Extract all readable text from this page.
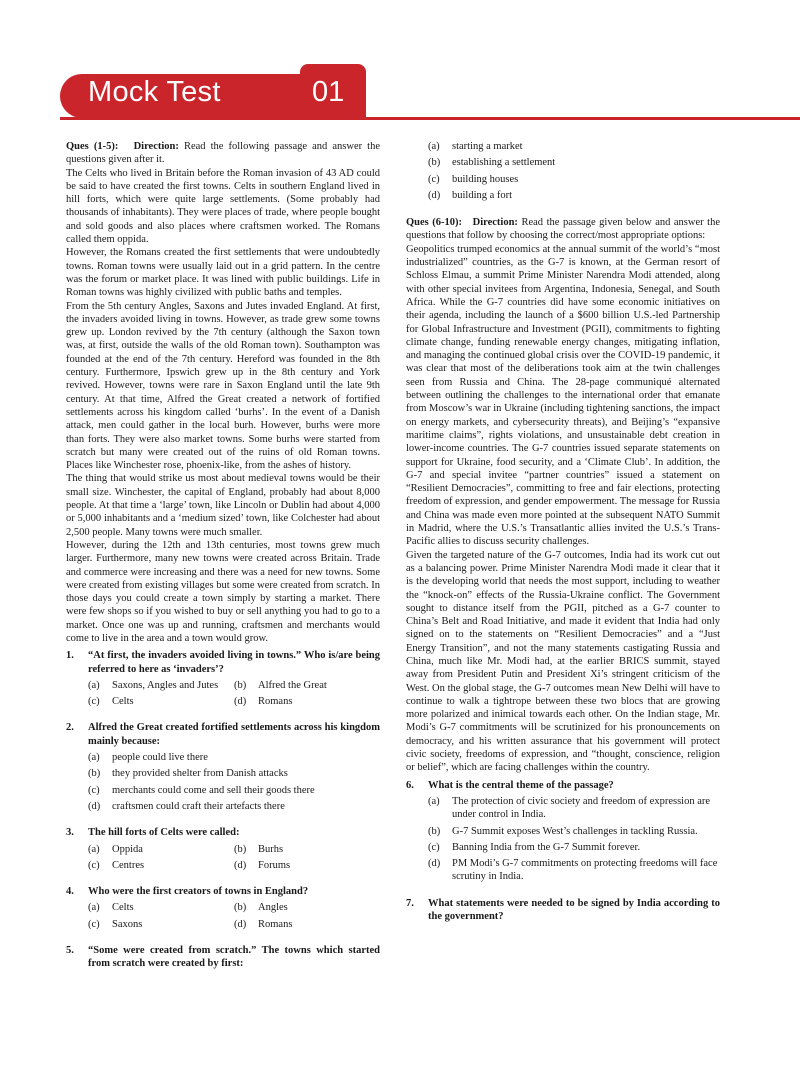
Mock Test	01

Ques (1-5): Direction: Read the following passage and answer the questions given after it.

The Celts who lived in Britain before the Roman invasion of 43 AD could be said to have created the first towns. Celts in southern England lived in hill forts, which were quite large settlements. (Some probably had thousands of inhabitants). They were places of trade, where people bought and sold goods and also places where craftsmen worked. The Romans called them oppida.

However, the Romans created the first settlements that were undoubtedly towns. Roman towns were usually laid out in a grid pattern. In the centre was the forum or market place. It was lined with public buildings. Life in Roman towns was highly civilized with public baths and temples.

From the 5th century Angles, Saxons and Jutes invaded England. At first, the invaders avoided living in towns. However, as trade grew some towns grew up. London revived by the 7th century (although the Saxon town was, at first, outside the walls of the old Roman town). Southampton was founded at the end of the 7th century. Hereford was founded in the 8th century. Furthermore, Ipswich grew up in the 8th century and York revived. However, towns were rare in Saxon England until the late 9th century. At that time, Alfred the Great created a network of fortified settlements across his kingdom called ‘burhs’. In the event of a Danish attack, men could gather in the local burh. However, burhs were more than forts. They were also market towns. Some burhs were started from scratch but many were created out of the ruins of old Roman towns. Places like Winchester rose, phoenix-like, from the ashes of history.

The thing that would strike us most about medieval towns would be their small size. Winchester, the capital of England, probably had about 8,000 people. At that time a ‘large’ town, like Lincoln or Dublin had about 4,000 or 5,000 inhabitants and a ‘medium sized’ town, like Colchester had about 2,500 people. Many towns were much smaller.

However, during the 12th and 13th centuries, most towns grew much larger. Furthermore, many new towns were created across Britain. Trade and commerce were increasing and there was a need for new towns. Some were created from existing villages but some were created from scratch. In those days you could create a town simply by starting a market. There were few shops so if you wished to buy or sell anything you had to go to a market. Once one was up and running, craftsmen and merchants would come to live in the area and a town would grow.

1.	“At first, the invaders avoided living in towns.” Who is/are being referred to here as ‘invaders’?
(a)	Saxons, Angles and Jutes	(b)	Alfred the Great
(c)	Celts	(d)	Romans
2.	Alfred the Great created fortified settlements across his kingdom mainly because:
(a)	people could live there
(b)	they provided shelter from Danish attacks
(c)	merchants could come and sell their goods there
(d)	craftsmen could craft their artefacts there
3.	The hill forts of Celts were called:
(a)	Oppida	(b)	Burhs
(c)	Centres	(d)	Forums
4.	Who were the first creators of towns in England?
(a)	Celts	(b)	Angles
(c)	Saxons	(d)	Romans
5.	“Some were created from scratch.” The towns which started from scratch were created by first:
(a)	starting a market
(b)	establishing a settlement
(c)	building houses
(d)	building a fort

Ques (6-10): Direction: Read the passage given below and answer the questions that follow by choosing the correct/most appropriate options:

Geopolitics trumped economics at the annual summit of the world’s “most industrialized” countries, as the G-7 is known, at the German resort of Schloss Elmau, a summit Prime Minister Narendra Modi attended, along with other special invitees from Argentina, Indonesia, Senegal, and South Africa. While the G-7 countries did have some economic initiatives on their agenda, including the launch of a $600 billion U.S.-led Partnership for Global Infrastructure and Investment (PGII), commitments to fighting climate change, funding renewable energy changes, mitigating inflation, and managing the continued global crisis over the COVID-19 pandemic, it was clear that most of the deliberations took aim at the twin challenges seen from Russia and China. The 28-page communiqué alternated between outlining the challenges to the international order that emanate from Moscow’s war in Ukraine (including tightening sanctions, the impact on energy markets, and cybersecurity threats), and Beijing’s “expansive maritime claims”, rights violations, and unsustainable debt creation in lower-income countries. The G-7 countries issued separate statements on support for Ukraine, food security, and a ‘Climate Club’. In addition, the G-7 and special invitee “partner countries” issued a statement on “Resilient Democracies”, committing to free and fair elections, protecting freedom of expression, and gender empowerment. The message for Russia and China was made even more pointed at the subsequent NATO Summit in Madrid, where the U.S.’s Transatlantic allies invited the U.S.’s Trans-Pacific allies to discuss security challenges.

Given the targeted nature of the G-7 outcomes, India had its work cut out as a balancing power. Prime Minister Narendra Modi made it clear that it is the developing world that needs the most support, including to weather the “knock-on” effects of the Russia-Ukraine conflict. The Government sought to distance itself from the PGII, pitched as a G-7 counter to China’s Belt and Road Initiative, and made it evident that India had only signed on to the statements on “Resilient Democracies” and a “Just Energy Transition”, and not the many statements castigating Russia and China, much like Mr. Modi had, at the earlier BRICS summit, stayed away from President Putin and President Xi’s stringent criticism of the West. On the global stage, the G-7 outcomes mean New Delhi will have to continue to walk a tightrope between these two blocs that are growing more polarized and inimical towards each other. On the Indian stage, Mr. Modi’s G-7 commitments will be scrutinized for his pronouncements on democracy, and his written assurance that his government will protect civic society, freedoms of expression, and “thought, conscience, religion or belief”, which are facing challenges within the country.

6.	What is the central theme of the passage?
(a)	The protection of civic society and freedom of expression are under control in India.
(b)	G-7 Summit exposes West’s challenges in tackling Russia.
(c)	Banning India from the G-7 Summit forever.
(d)	PM Modi’s G-7 commitments on protecting freedoms will face scrutiny in India.
7.	What statements were needed to be signed by India according to the government?
